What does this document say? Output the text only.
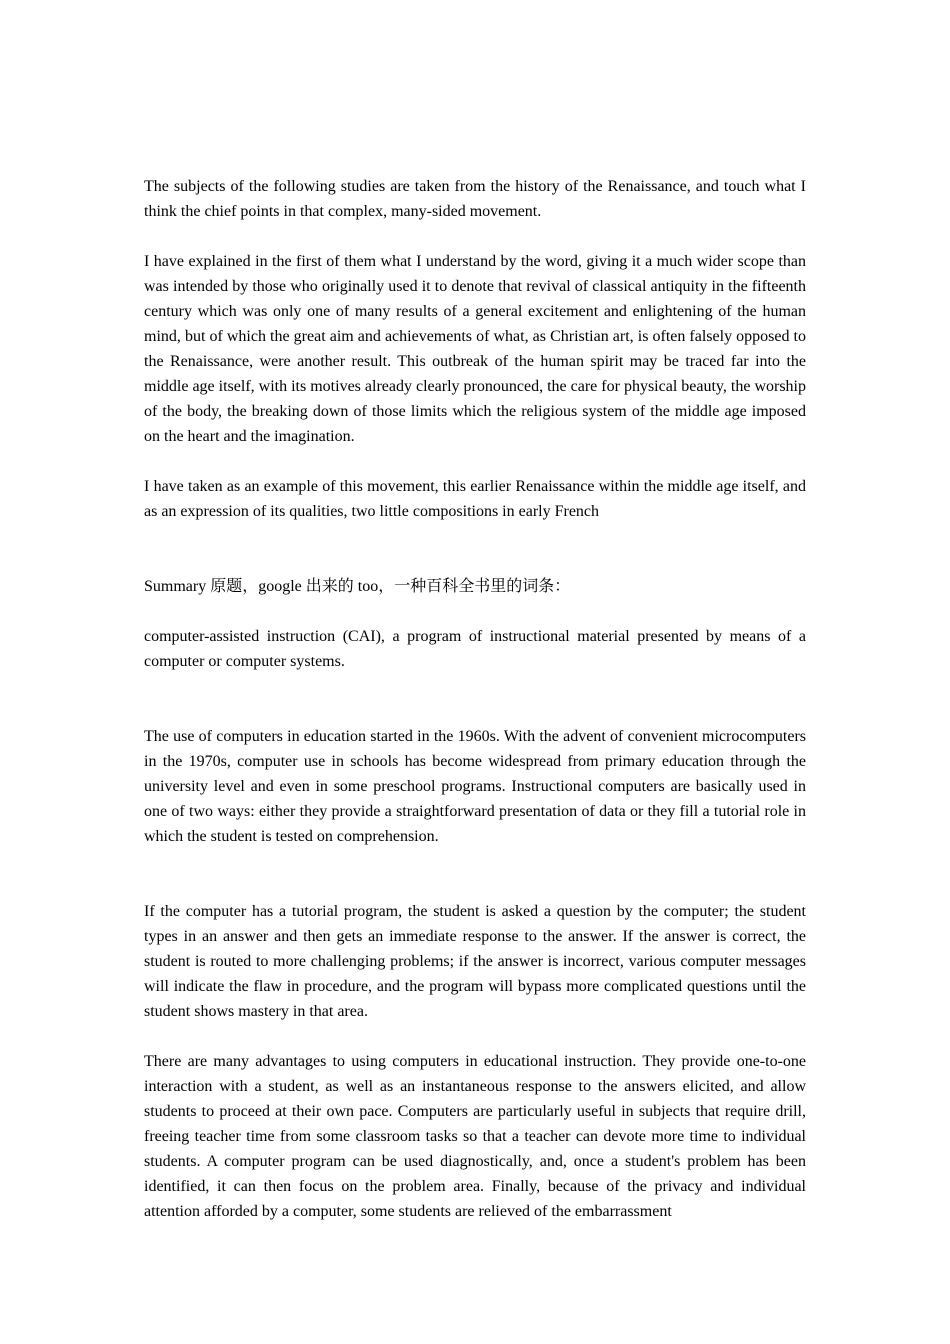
The subjects of the following studies are taken from the history of the Renaissance, and touch what I think the chief points in that complex, many-sided movement.

I have explained in the first of them what I understand by the word, giving it a much wider scope than was intended by those who originally used it to denote that revival of classical antiquity in the fifteenth century which was only one of many results of a general excitement and enlightening of the human mind, but of which the great aim and achievements of what, as Christian art, is often falsely opposed to the Renaissance, were another result. This outbreak of the human spirit may be traced far into the middle age itself, with its motives already clearly pronounced, the care for physical beauty, the worship of the body, the breaking down of those limits which the religious system of the middle age imposed on the heart and the imagination.

I have taken as an example of this movement, this earlier Renaissance within the middle age itself, and as an expression of its qualities, two little compositions in early French

Summary 原题，google 出来的 too，一种百科全书里的词条：

computer-assisted instruction (CAI), a program of instructional material presented by means of a computer or computer systems.

The use of computers in education started in the 1960s. With the advent of convenient microcomputers in the 1970s, computer use in schools has become widespread from primary education through the university level and even in some preschool programs. Instructional computers are basically used in one of two ways: either they provide a straightforward presentation of data or they fill a tutorial role in which the student is tested on comprehension.

If the computer has a tutorial program, the student is asked a question by the computer; the student types in an answer and then gets an immediate response to the answer. If the answer is correct, the student is routed to more challenging problems; if the answer is incorrect, various computer messages will indicate the flaw in procedure, and the program will bypass more complicated questions until the student shows mastery in that area.

There are many advantages to using computers in educational instruction. They provide one-to-one interaction with a student, as well as an instantaneous response to the answers elicited, and allow students to proceed at their own pace. Computers are particularly useful in subjects that require drill, freeing teacher time from some classroom tasks so that a teacher can devote more time to individual students. A computer program can be used diagnostically, and, once a student's problem has been identified, it can then focus on the problem area. Finally, because of the privacy and individual attention afforded by a computer, some students are relieved of the embarrassment
